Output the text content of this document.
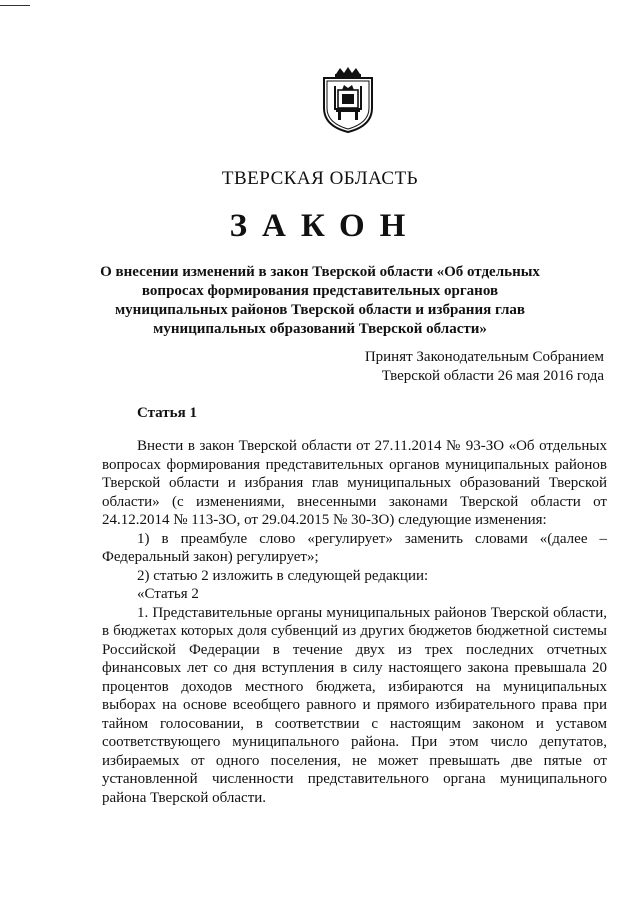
ТВЕРСКАЯ ОБЛАСТЬ
ЗАКОН
О внесении изменений в закон Тверской области «Об отдельных вопросах формирования представительных органов муниципальных районов Тверской области и избрания глав муниципальных образований Тверской области»
Принят Законодательным Собранием
Тверской области 26 мая 2016 года
Статья 1

Внести в закон Тверской области от 27.11.2014 № 93-ЗО «Об отдельных вопросах формирования представительных органов муниципальных районов Тверской области и избрания глав муниципальных образований Тверской области» (с изменениями, внесенными законами Тверской области от 24.12.2014 № 113-ЗО, от 29.04.2015 № 30-ЗО) следующие изменения:

1) в преамбуле слово «регулирует» заменить словами «(далее – Федеральный закон) регулирует»;

2) статью 2 изложить в следующей редакции:

«Статья 2

1. Представительные органы муниципальных районов Тверской области, в бюджетах которых доля субвенций из других бюджетов бюджетной системы Российской Федерации в течение двух из трех последних отчетных финансовых лет со дня вступления в силу настоящего закона превышала 20 процентов доходов местного бюджета, избираются на муниципальных выборах на основе всеобщего равного и прямого избирательного права при тайном голосовании, в соответствии с настоящим законом и уставом соответствующего муниципального района. При этом число депутатов, избираемых от одного поселения, не может превышать две пятые от установленной численности представительного органа муниципального района Тверской области.
